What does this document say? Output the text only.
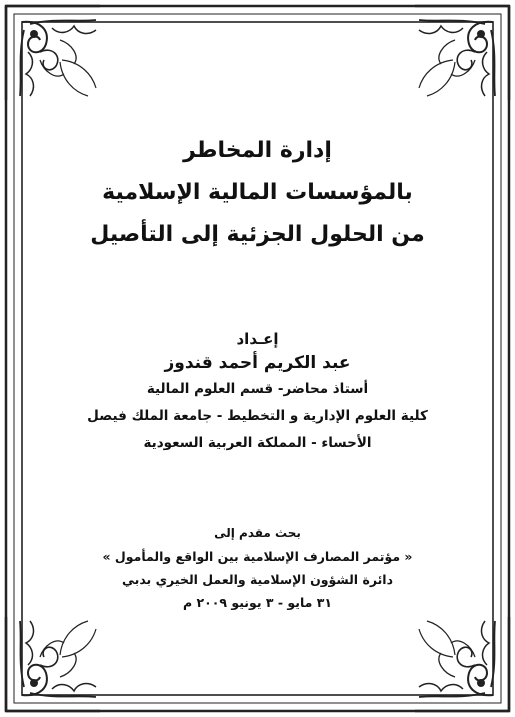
إدارة المخاطر

بالمؤسسات المالية الإسلامية

من الحلول الجزئية إلى التأصيل

إعـداد
عبد الكريم أحمد قندوز
أستاذ محاضر- قسم العلوم المالية
كلية العلوم الإدارية و التخطيط - جامعة الملك فيصل
الأحساء - المملكة العربية السعودية
بحث مقدم إلى
« مؤتمر المصارف الإسلامية بين الواقع والمأمول »
دائرة الشؤون الإسلامية والعمل الخيري بدبي
٣١ مايو - ٣ يونيو ٢٠٠٩ م
